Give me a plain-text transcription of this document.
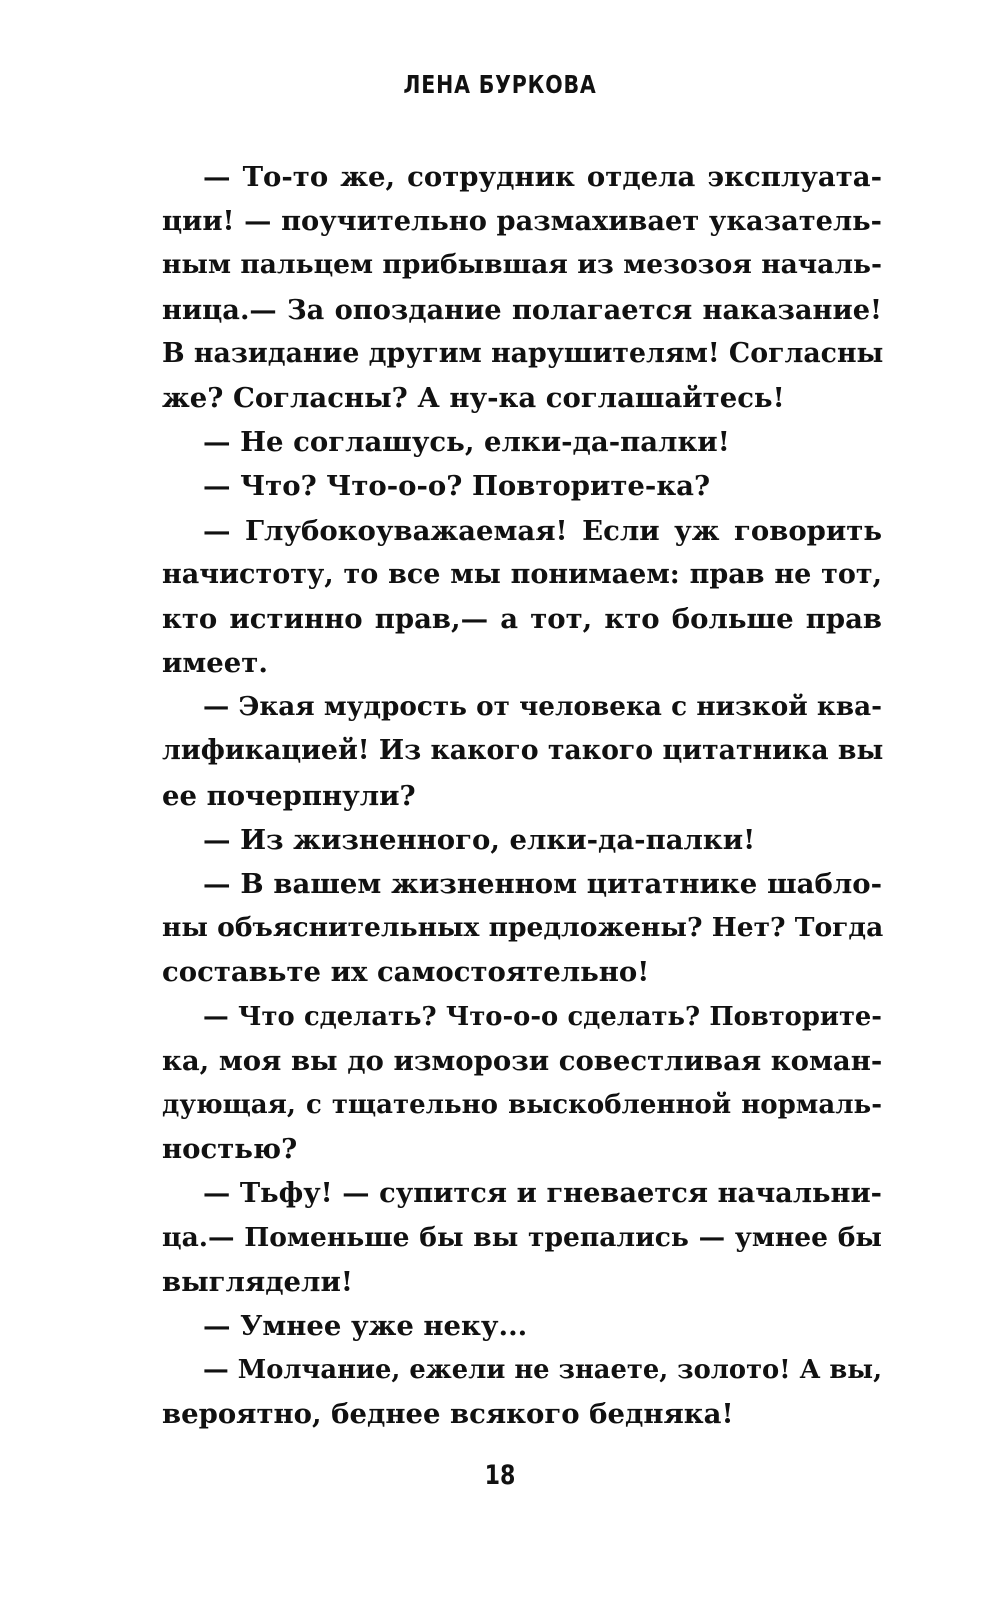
ЛЕНА БУРКОВА
— То-то же, сотрудник отдела эксплуата-
ции! — поучительно размахивает указатель-
ным пальцем прибывшая из мезозоя началь-
ница.— За опоздание полагается наказание!
В назидание другим нарушителям! Согласны
же? Согласны? А ну-ка соглашайтесь!
— Не соглашусь, елки-да-палки!
— Что? Что-о-о? Повторите-ка?
— Глубокоуважаемая! Если уж говорить
начистоту, то все мы понимаем: прав не тот,
кто истинно прав,— а тот, кто больше прав
имеет.
— Экая мудрость от человека с низкой ква-
лификацией! Из какого такого цитатника вы
ее почерпнули?
— Из жизненного, елки-да-палки!
— В вашем жизненном цитатнике шабло-
ны объяснительных предложены? Нет? Тогда
составьте их самостоятельно!
— Что сделать? Что-о-о сделать? Повторите-
ка, моя вы до изморози совестливая коман-
дующая, с тщательно выскобленной нормаль-
ностью?
— Тьфу! — супится и гневается начальни-
ца.— Поменьше бы вы трепались — умнее бы
выглядели!
— Умнее уже неку...
— Молчание, ежели не знаете, золото! А вы,
вероятно, беднее всякого бедняка!
18
